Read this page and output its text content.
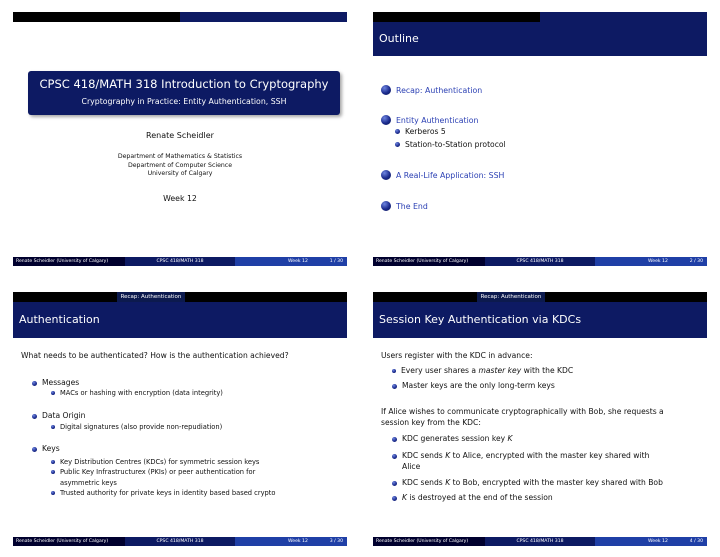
CPSC 418/MATH 318 Introduction to Cryptography
Cryptography in Practice: Entity Authentication, SSH
Renate Scheidler
Department of Mathematics & Statistics
Department of Computer Science
University of Calgary
Week 12
Renate Scheidler (University of Calgary)	CPSC 418/MATH 318	Week 12	1 / 30
Outline
Recap: Authentication
Entity Authentication
Kerberos 5
Station-to-Station protocol
A Real-Life Application: SSH
The End
Renate Scheidler (University of Calgary)	CPSC 418/MATH 318	Week 12	2 / 30
Recap: Authentication
Authentication
What needs to be authenticated? How is the authentication achieved?
Messages
MACs or hashing with encryption (data integrity)
Data Origin
Digital signatures (also provide non-repudiation)
Keys
Key Distribution Centres (KDCs) for symmetric session keys
Public Key Infrastructurex (PKIs) or peer authentication for
asymmetric keys
Trusted authority for private keys in identity based based crypto
Renate Scheidler (University of Calgary)	CPSC 418/MATH 318	Week 12	3 / 30
Recap: Authentication
Session Key Authentication via KDCs
Users register with the KDC in advance:
Every user shares a master key with the KDC
Master keys are the only long-term keys
If Alice wishes to communicate cryptographically with Bob, she requests a
session key from the KDC:
KDC generates session key K
KDC sends K to Alice, encrypted with the master key shared with
Alice
KDC sends K to Bob, encrypted with the master key shared with Bob
K is destroyed at the end of the session
Renate Scheidler (University of Calgary)	CPSC 418/MATH 318	Week 12	4 / 30
